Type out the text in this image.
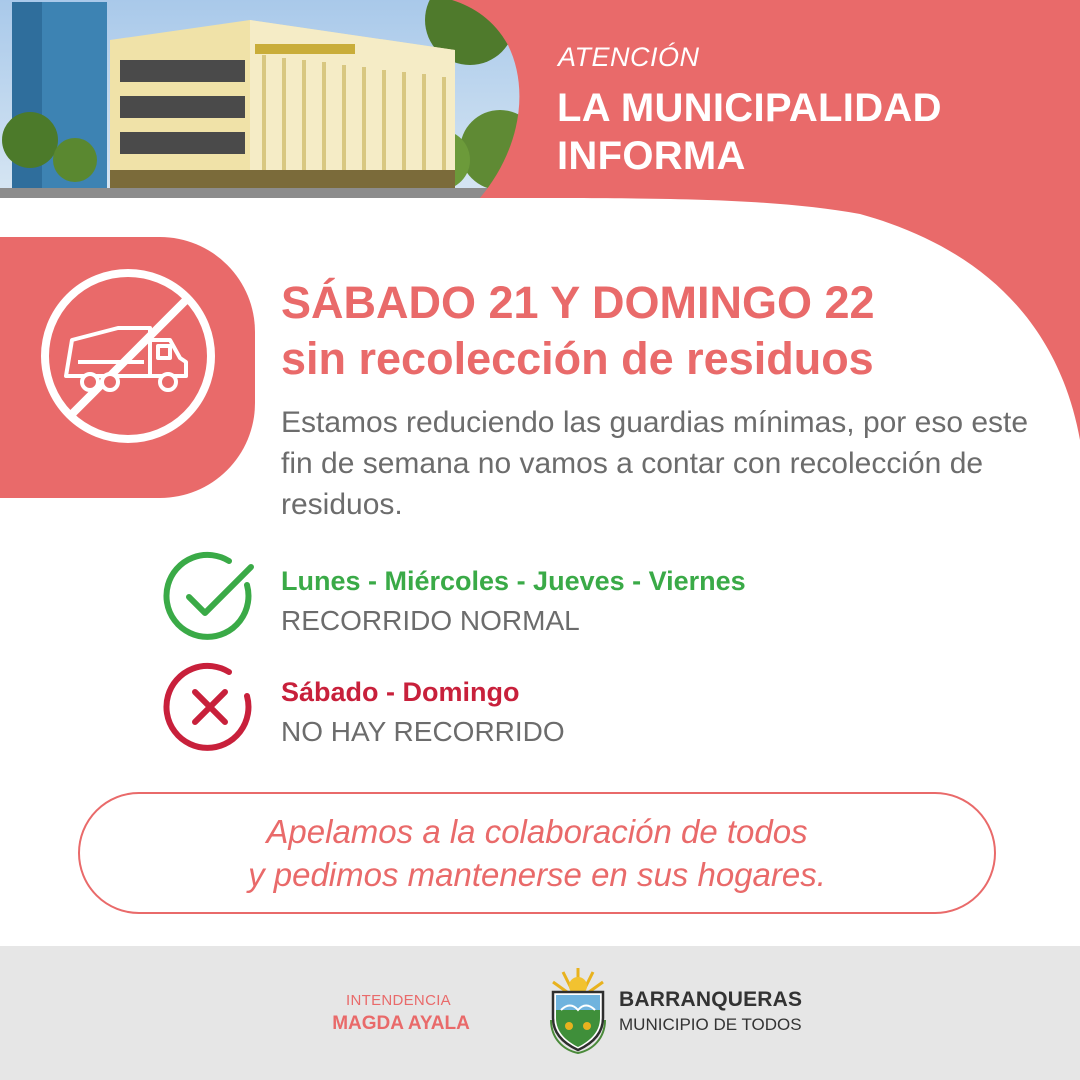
ATENCIÓN
LA MUNICIPALIDAD
INFORMA
SÁBADO 21 Y DOMINGO 22
sin recolección de residuos
Estamos reduciendo las guardias mínimas, por eso este fin de semana no vamos a contar con recolección de residuos.
Lunes - Miércoles - Jueves - Viernes
RECORRIDO NORMAL
Sábado - Domingo
NO HAY RECORRIDO
Apelamos a la colaboración de todos
y pedimos mantenerse en sus hogares.
INTENDENCIA
MAGDA AYALA
BARRANQUERAS
MUNICIPIO DE TODOS
